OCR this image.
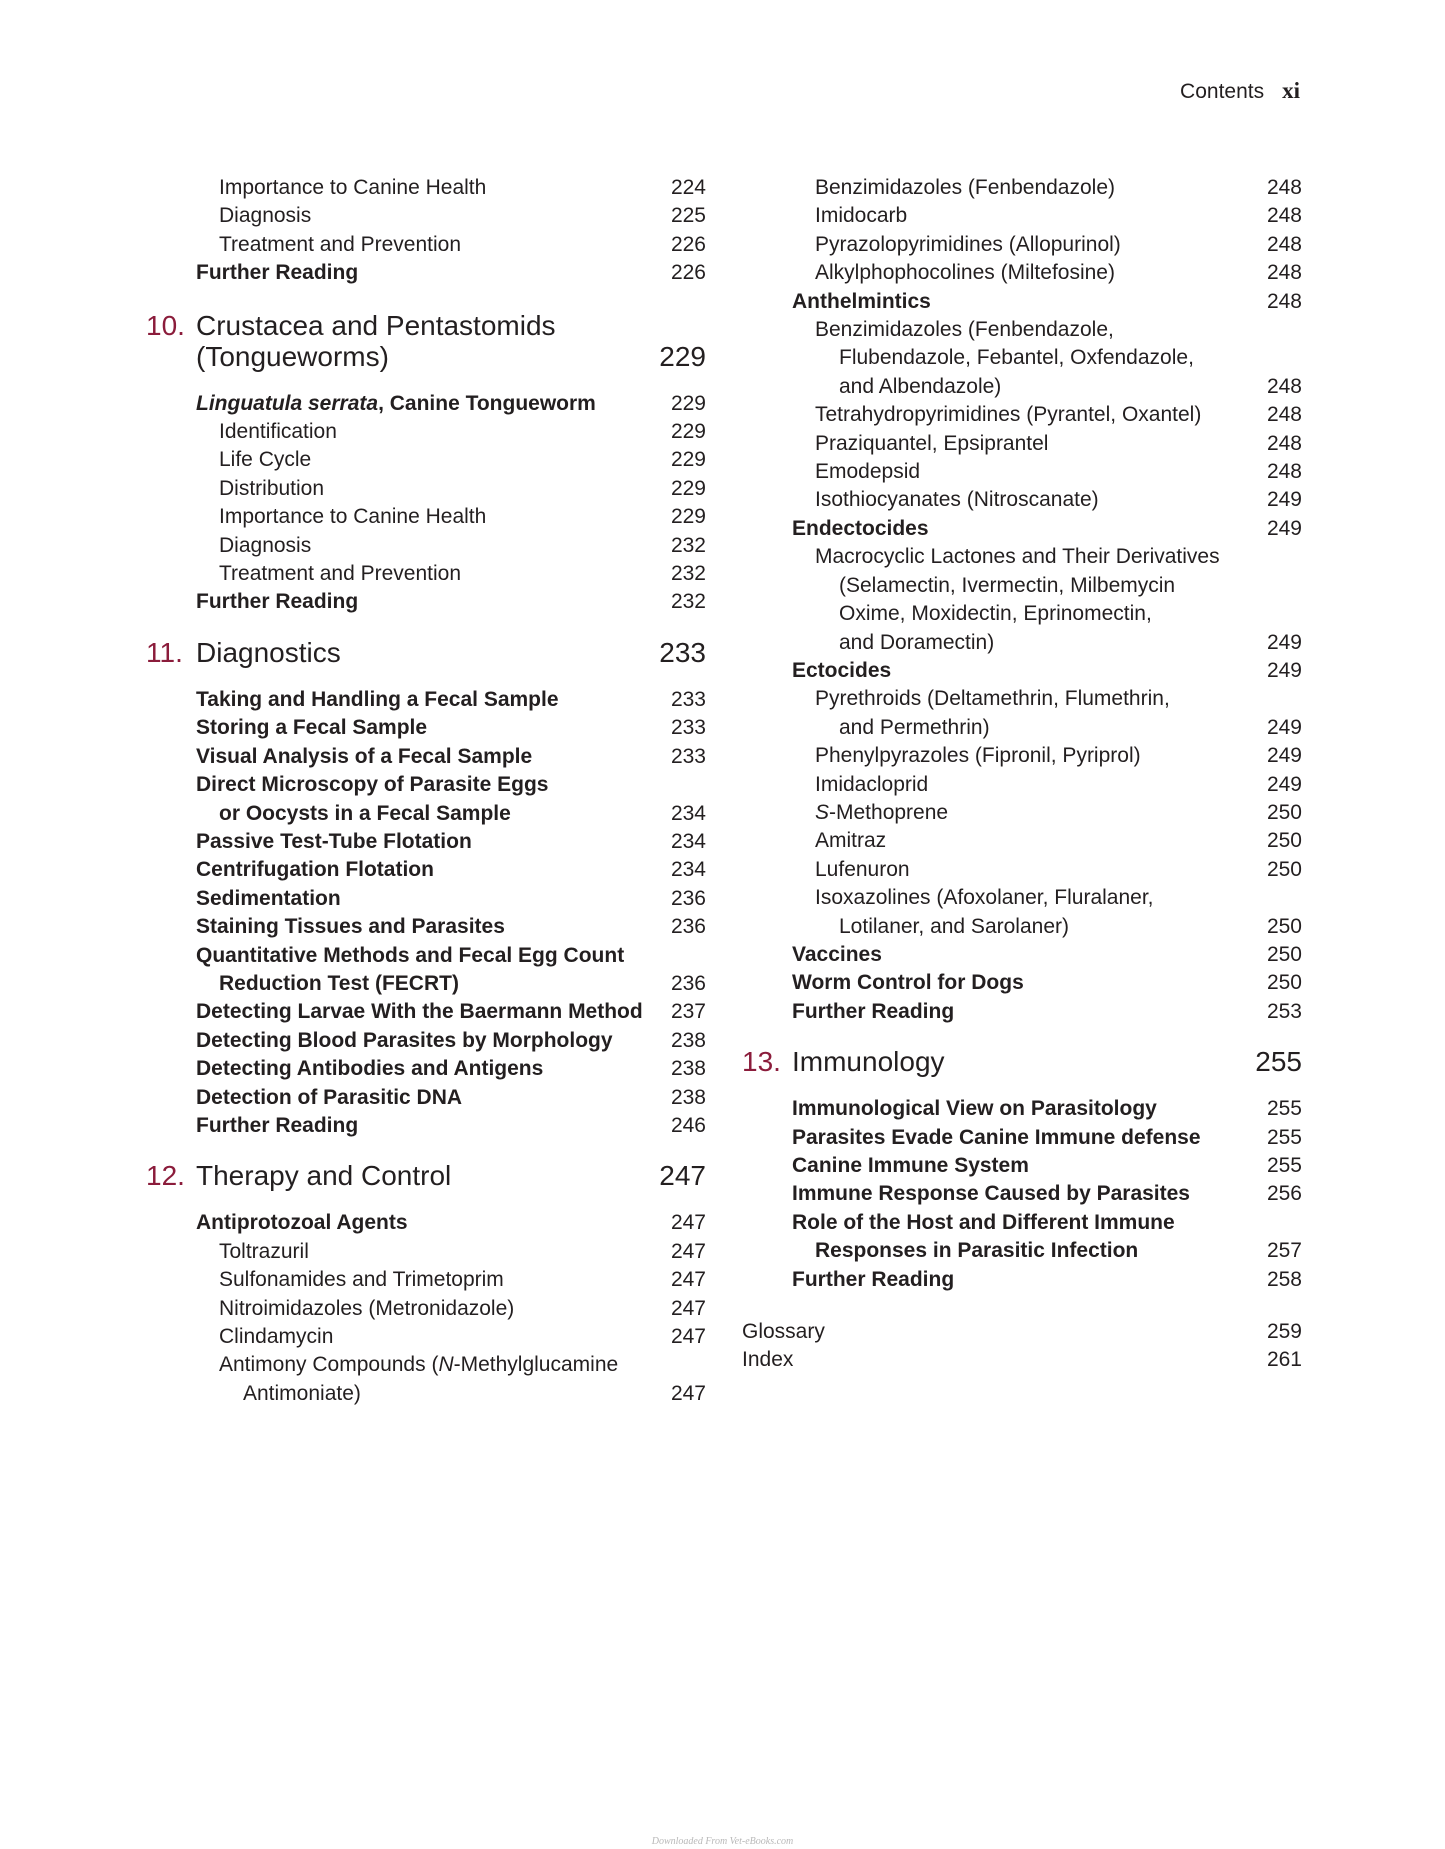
Contents xi
Importance to Canine Health	224
Diagnosis	225
Treatment and Prevention	226
Further Reading	226
10. Crustacea and Pentastomids
(Tongueworms)	229
Linguatula serrata, Canine Tongueworm	229
Identification	229
Life Cycle	229
Distribution	229
Importance to Canine Health	229
Diagnosis	232
Treatment and Prevention	232
Further Reading	232
11. Diagnostics	233
Taking and Handling a Fecal Sample	233
Storing a Fecal Sample	233
Visual Analysis of a Fecal Sample	233
Direct Microscopy of Parasite Eggs
or Oocysts in a Fecal Sample	234
Passive Test-Tube Flotation	234
Centrifugation Flotation	234
Sedimentation	236
Staining Tissues and Parasites	236
Quantitative Methods and Fecal Egg Count
Reduction Test (FECRT)	236
Detecting Larvae With the Baermann Method	237
Detecting Blood Parasites by Morphology	238
Detecting Antibodies and Antigens	238
Detection of Parasitic DNA	238
Further Reading	246
12. Therapy and Control	247
Antiprotozoal Agents	247
Toltrazuril	247
Sulfonamides and Trimetoprim	247
Nitroimidazoles (Metronidazole)	247
Clindamycin	247
Antimony Compounds (N-Methylglucamine
Antimoniate)	247
Benzimidazoles (Fenbendazole)	248
Imidocarb	248
Pyrazolopyrimidines (Allopurinol)	248
Alkylphophocolines (Miltefosine)	248
Anthelmintics	248
Benzimidazoles (Fenbendazole,
Flubendazole, Febantel, Oxfendazole,
and Albendazole)	248
Tetrahydropyrimidines (Pyrantel, Oxantel)	248
Praziquantel, Epsiprantel	248
Emodepsid	248
Isothiocyanates (Nitroscanate)	249
Endectocides	249
Macrocyclic Lactones and Their Derivatives
(Selamectin, Ivermectin, Milbemycin
Oxime, Moxidectin, Eprinomectin,
and Doramectin)	249
Ectocides	249
Pyrethroids (Deltamethrin, Flumethrin,
and Permethrin)	249
Phenylpyrazoles (Fipronil, Pyriprol)	249
Imidacloprid	249
S-Methoprene	250
Amitraz	250
Lufenuron	250
Isoxazolines (Afoxolaner, Fluralaner,
Lotilaner, and Sarolaner)	250
Vaccines	250
Worm Control for Dogs	250
Further Reading	253
13. Immunology	255
Immunological View on Parasitology	255
Parasites Evade Canine Immune defense	255
Canine Immune System	255
Immune Response Caused by Parasites	256
Role of the Host and Different Immune
Responses in Parasitic Infection	257
Further Reading	258
Glossary	259
Index	261
Downloaded From Vet-eBooks.com
